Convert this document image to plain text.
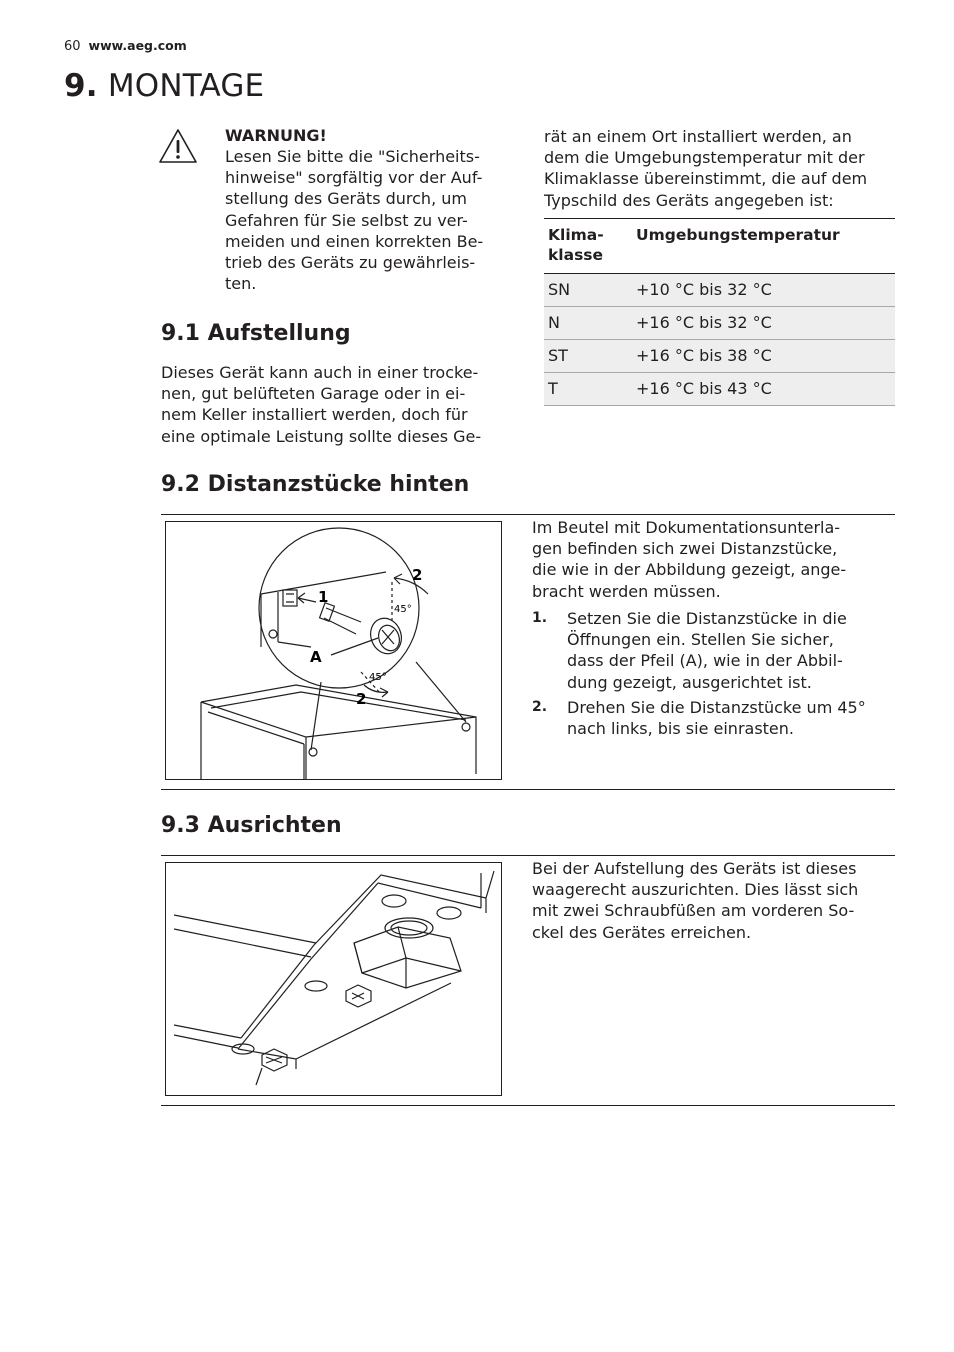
60 www.aeg.com
9. MONTAGE
WARNUNG!
Lesen Sie bitte die "Sicherheits-
hinweise" sorgfältig vor der Auf-
stellung des Geräts durch, um
Gefahren für Sie selbst zu ver-
meiden und einen korrekten Be-
trieb des Geräts zu gewährleis-
ten.
9.1 Aufstellung
Dieses Gerät kann auch in einer trocke-
nen, gut belüfteten Garage oder in ei-
nem Keller installiert werden, doch für
eine optimale Leistung sollte dieses Ge-
rät an einem Ort installiert werden, an
dem die Umgebungstemperatur mit der
Klimaklasse übereinstimmt, die auf dem
Typschild des Geräts angegeben ist:
Klima-
klasse	Umgebungstemperatur
SN	+10 °C bis 32 °C
N	+16 °C bis 32 °C
ST	+16 °C bis 38 °C
T	+16 °C bis 43 °C
9.2 Distanzstücke hinten
2
1
A
2
45°
45°
Im Beutel mit Dokumentationsunterla-
gen befinden sich zwei Distanzstücke,
die wie in der Abbildung gezeigt, ange-
bracht werden müssen.
1.	Setzen Sie die Distanzstücke in die
Öffnungen ein. Stellen Sie sicher,
dass der Pfeil (A), wie in der Abbil-
dung gezeigt, ausgerichtet ist.
2.	Drehen Sie die Distanzstücke um 45°
nach links, bis sie einrasten.
9.3 Ausrichten
Bei der Aufstellung des Geräts ist dieses
waagerecht auszurichten. Dies lässt sich
mit zwei Schraubfüßen am vorderen So-
ckel des Gerätes erreichen.
